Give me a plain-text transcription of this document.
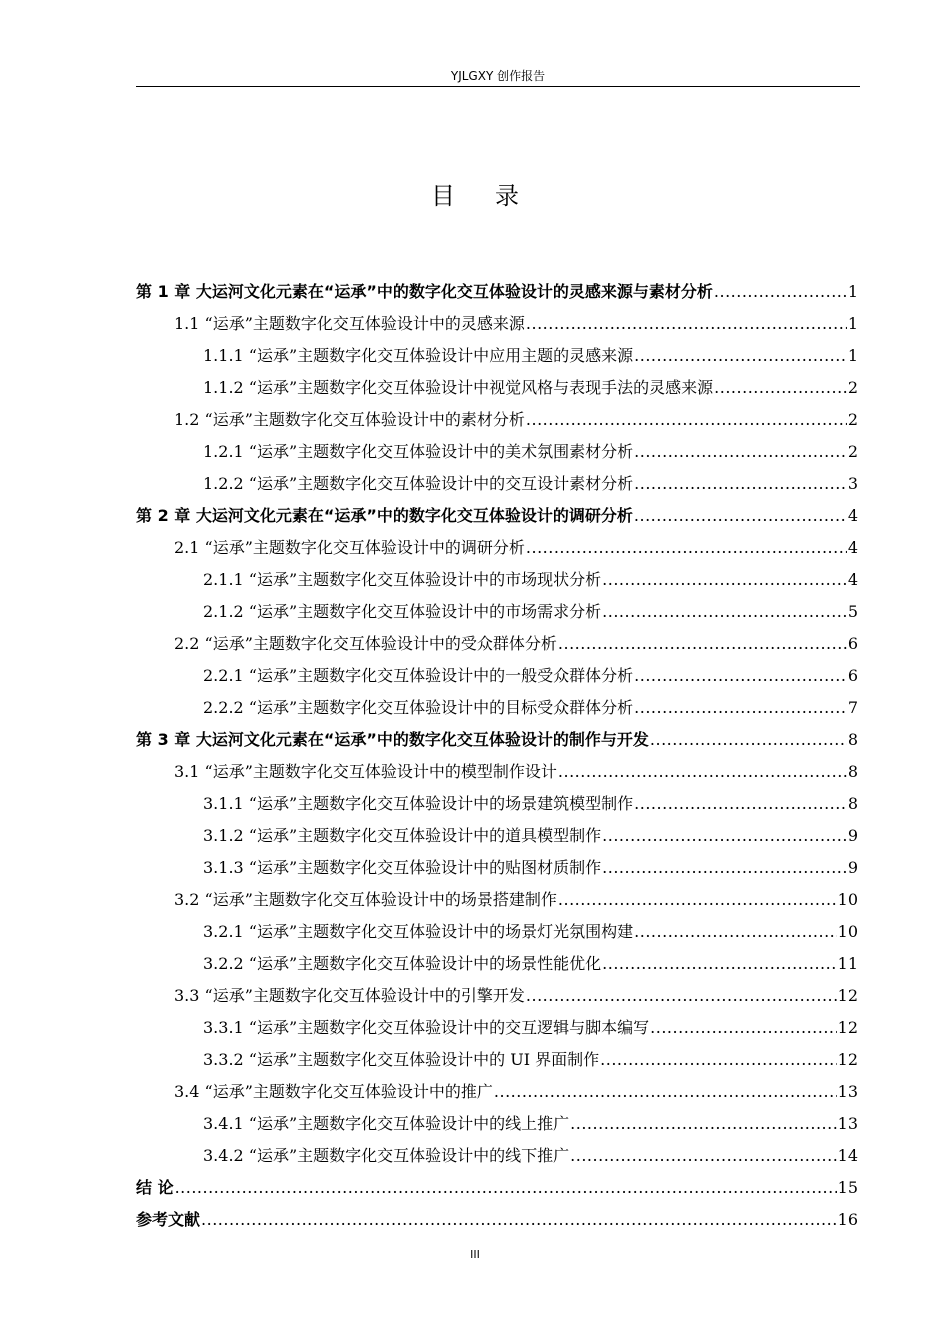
YJLGXY 创作报告
目录
第 1 章 大运河文化元素在“运承”中的数字化交互体验设计的灵感来源与素材分析 .....	1
1.1 “运承”主题数字化交互体验设计中的灵感来源 .....	1
1.1.1 “运承”主题数字化交互体验设计中应用主题的灵感来源 .....	1
1.1.2 “运承”主题数字化交互体验设计中视觉风格与表现手法的灵感来源 .....	2
1.2 “运承”主题数字化交互体验设计中的素材分析 .....	2
1.2.1 “运承”主题数字化交互体验设计中的美术氛围素材分析 .....	2
1.2.2 “运承”主题数字化交互体验设计中的交互设计素材分析 .....	3
第 2 章 大运河文化元素在“运承”中的数字化交互体验设计的调研分析 .....	4
2.1 “运承”主题数字化交互体验设计中的调研分析 .....	4
2.1.1 “运承”主题数字化交互体验设计中的市场现状分析 .....	4
2.1.2 “运承”主题数字化交互体验设计中的市场需求分析 .....	5
2.2 “运承”主题数字化交互体验设计中的受众群体分析 .....	6
2.2.1 “运承”主题数字化交互体验设计中的一般受众群体分析 .....	6
2.2.2 “运承”主题数字化交互体验设计中的目标受众群体分析 .....	7
第 3 章 大运河文化元素在“运承”中的数字化交互体验设计的制作与开发 .....	8
3.1 “运承”主题数字化交互体验设计中的模型制作设计 .....	8
3.1.1 “运承”主题数字化交互体验设计中的场景建筑模型制作 .....	8
3.1.2 “运承”主题数字化交互体验设计中的道具模型制作 .....	9
3.1.3 “运承”主题数字化交互体验设计中的贴图材质制作 .....	9
3.2 “运承”主题数字化交互体验设计中的场景搭建制作 .....	10
3.2.1 “运承”主题数字化交互体验设计中的场景灯光氛围构建 .....	10
3.2.2 “运承”主题数字化交互体验设计中的场景性能优化 .....	11
3.3 “运承”主题数字化交互体验设计中的引擎开发 .....	12
3.3.1 “运承”主题数字化交互体验设计中的交互逻辑与脚本编写 .....	12
3.3.2 “运承”主题数字化交互体验设计中的 UI 界面制作 .....	12
3.4 “运承”主题数字化交互体验设计中的推广 .....	13
3.4.1 “运承”主题数字化交互体验设计中的线上推广 .....	13
3.4.2 “运承”主题数字化交互体验设计中的线下推广 .....	14
结 论 .....	15
参考文献 .....	16
III
